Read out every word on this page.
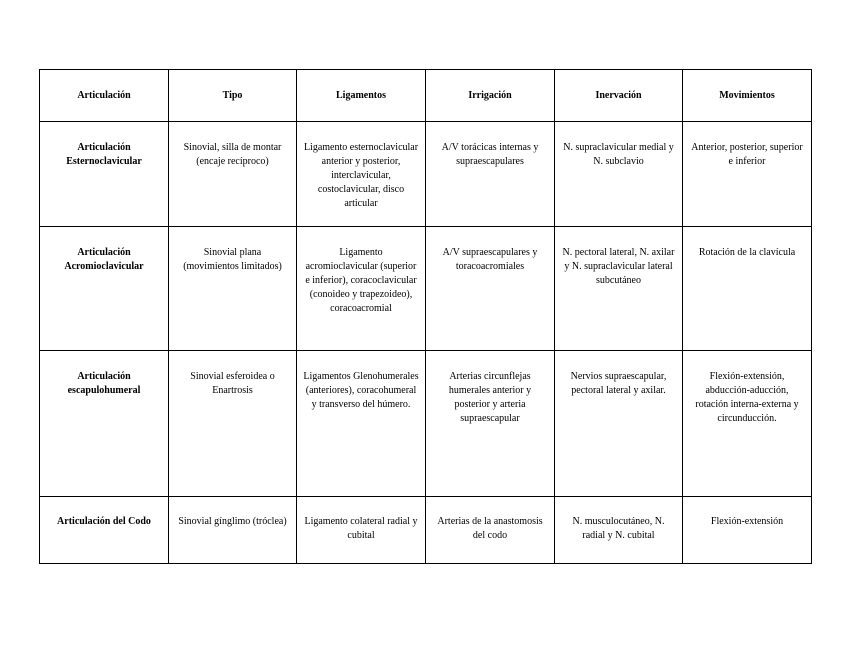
Articulación	Tipo	Ligamentos	Irrigación	Inervación	Movimientos
Articulación Esternoclavicular	Sinovial, silla de montar (encaje recíproco)	Ligamento esternoclavicular anterior y posterior, interclavicular, costoclavicular, disco articular	A/V torácicas internas y supraescapulares	N. supraclavicular medial y N. subclavio	Anterior, posterior, superior e inferior
Articulación Acromioclavicular	Sinovial plana (movimientos limitados)	Ligamento acromioclavicular (superior e inferior), coracoclavicular (conoideo y trapezoideo), coracoacromial	A/V supraescapulares y toracoacromiales	N. pectoral lateral, N. axilar y N. supraclavicular lateral subcutáneo	Rotación de la clavícula
Articulación escapulohumeral	Sinovial esferoidea o Enartrosis	Ligamentos Glenohumerales (anteriores), coracohumeral y transverso del húmero.	Arterias circunflejas humerales anterior y posterior y arteria supraescapular	Nervios supraescapular, pectoral lateral y axilar.	Flexión-extensión, abducción-aducción, rotación interna-externa y circunducción.
Articulación del Codo	Sinovial gínglimo (tróclea)	Ligamento colateral radial y cubital	Arterias de la anastomosis del codo	N. musculocutáneo, N. radial y N. cubital	Flexión-extensión
